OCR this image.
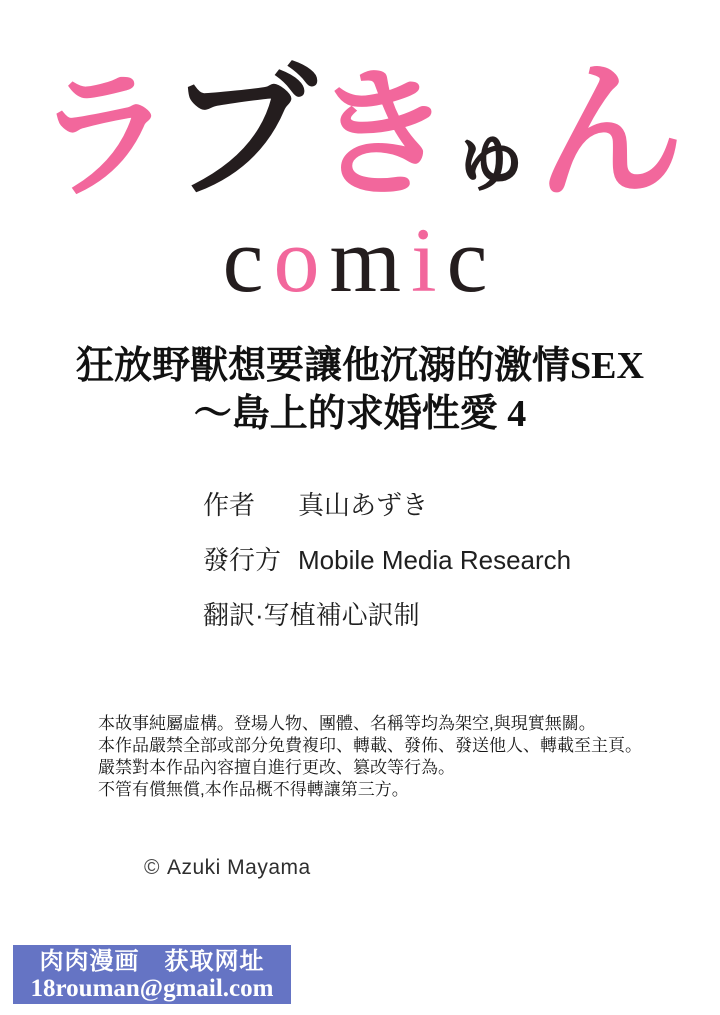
ラ
ブ
き
ゅ
ん
comic
狂放野獸想要讓他沉溺的激情SEX
～島上的求婚性愛 4
作者	真山あずき
發行方 Mobile Media Research
翻訳·写植 補心訳制
本故事純屬虛構。登場人物、團體、名稱等均為架空,與現實無關。
本作品嚴禁全部或部分免費複印、轉載、發佈、發送他人、轉載至主頁。
嚴禁對本作品內容擅自進行更改、篡改等行為。
不管有償無償,本作品概不得轉讓第三方。
© Azuki Mayama
肉肉漫画　获取网址
18rouman@gmail.com
